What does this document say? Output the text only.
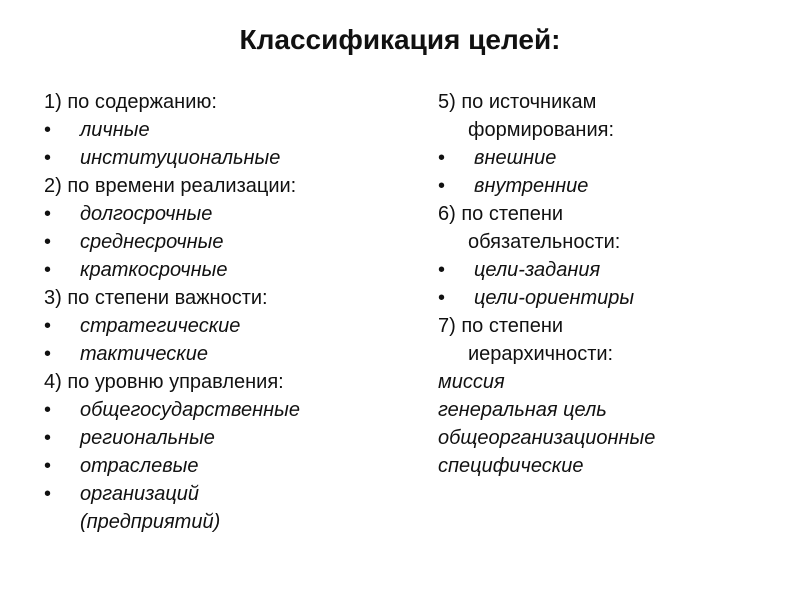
Классификация целей:
1) по содержанию:
• личные
• институциональные
2) по времени реализации:
• долгосрочные
• среднесрочные
• краткосрочные
3) по степени важности:
• стратегические
• тактические
4) по уровню управления:
• общегосударственные
• региональные
• отраслевые
• организаций
(предприятий)
5) по источникам
формирования:
• внешние
• внутренние
6) по степени
обязательности:
• цели-задания
• цели-ориентиры
7) по степени
иерархичности:
миссия
генеральная цель
общеорганизационные
специфические
